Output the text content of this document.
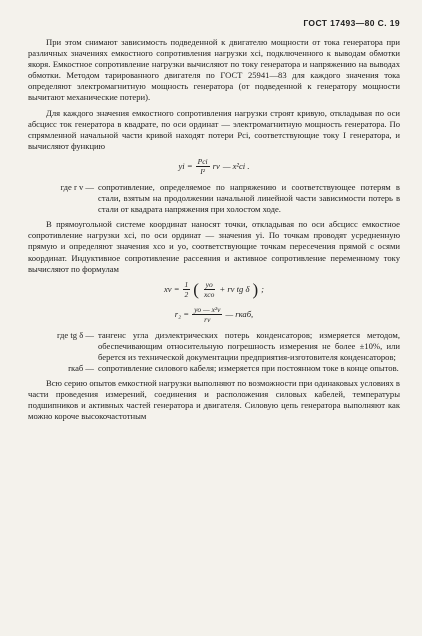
ГОСТ 17493—80 С. 19

При этом снимают зависимость подведенной к двигателю мощности от тока генератора при различных значениях емкостного сопротивления нагрузки xci, подключенного к выводам обмотки якоря. Емкостное сопротивление нагрузки вычисляют по току генератора и напряжению на выводах обмотки. Методом тарированного двигателя по ГОСТ 25941—83 для каждого значения тока определяют электромагнитную мощность генератора (от подведенной к генератору мощности вычитают механические потери).

Для каждого значения емкостного сопротивления нагрузки строят кривую, откладывая по оси абсцисс ток генератора в квадрате, по оси ординат — электромагнитную мощность генератора. По спрямленной начальной части кривой находят потери Pci, соответствующие току I генератора, и вычисляют функцию

yi = $\frac{\text{Pci}}{\text{I²}}$ rv — x²ci .
где r v — сопротивление, определяемое по напряжению и соответствующее потерям в стали, взятым на продолжении начальной линейной части зависимости потерь в стали от квадрата напряжения при холостом ходе.

В прямоугольной системе координат наносят точки, откладывая по оси абсцисс емкостное сопротивление нагрузки xci, по оси ординат — значения yi. По точкам проводят усредненную прямую и определяют значения xco и yo, соответствующие точкам пересечения прямой с осями координат. Индуктивное сопротивление рассеяния и активное сопротивление переменному току вычисляют по формулам

xv = $\frac{1}{2}$ ( $\frac{yo}{\text{xco}}$ + rv tg δ ) ;
$r_2 = \frac{\text{yo — x²v}}{rv}$ — rкаб,
где tg δ — тангенс угла диэлектрических потерь конденсаторов; измеряется методом, обеспечивающим относительную погрешность измерения не более ±10%, или берется из технической документации предприятия-изготовителя конденсаторов;
rкаб — сопротивление силового кабеля; измеряется при постоянном токе в конце опытов.

Всю серию опытов емкостной нагрузки выполняют по возможности при одинаковых условиях в части проведения измерений, соединения и расположения силовых кабелей, температуры подшипников и активных частей генератора и двигателя. Силовую цепь генератора выполняют как можно короче высокочастотным
